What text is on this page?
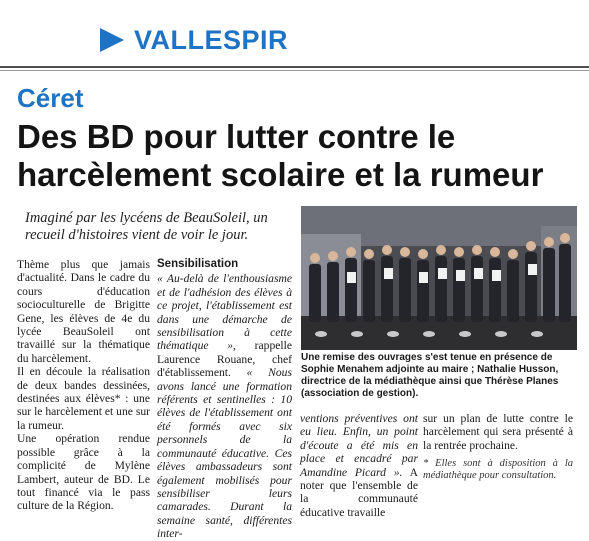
VALLESPIR
Céret
Des BD pour lutter contre le harcèlement scolaire et la rumeur
Imaginé par les lycéens de BeauSoleil, un recueil d'histoires vient de voir le jour.

Thème plus que jamais d'actualité. Dans le cadre du cours d'éducation socioculturelle de Brigitte Gene, les élèves de 4e du lycée BeauSoleil ont travaillé sur la thématique du harcèlement.

Il en découle la réalisation de deux bandes dessinées, destinées aux élèves* : une sur le harcèlement et une sur la rumeur.

Une opération rendue possible grâce à la complicité de Mylène Lambert, auteur de BD. Le tout financé via le pass culture de la Région.

Sensibilisation

« Au-delà de l'enthousiasme et de l'adhésion des élèves à ce projet, l'établissement est dans une démarche de sensibilisation à cette thématique », rappelle Laurence Rouane, chef d'établissement. « Nous avons lancé une formation référents et sentinelles : 10 élèves de l'établissement ont été formés avec six personnels de la communauté éducative. Ces élèves ambassadeurs sont également mobilisés pour sensibiliser leurs camarades. Durant la semaine santé, différentes inter-

Une remise des ouvrages s'est tenue en présence de Sophie Menahem adjointe au maire ; Nathalie Husson, directrice de la médiathèque ainsi que Thérèse Planes (association de gestion).

ventions préventives ont eu lieu. Enfin, un point d'écoute a été mis en place et encadré par Amandine Picard ». A noter que l'ensemble de la communauté éducative travaille

sur un plan de lutte contre le harcèlement qui sera présenté à la rentrée prochaine.

* Elles sont à disposition à la médiathèque pour consultation.
